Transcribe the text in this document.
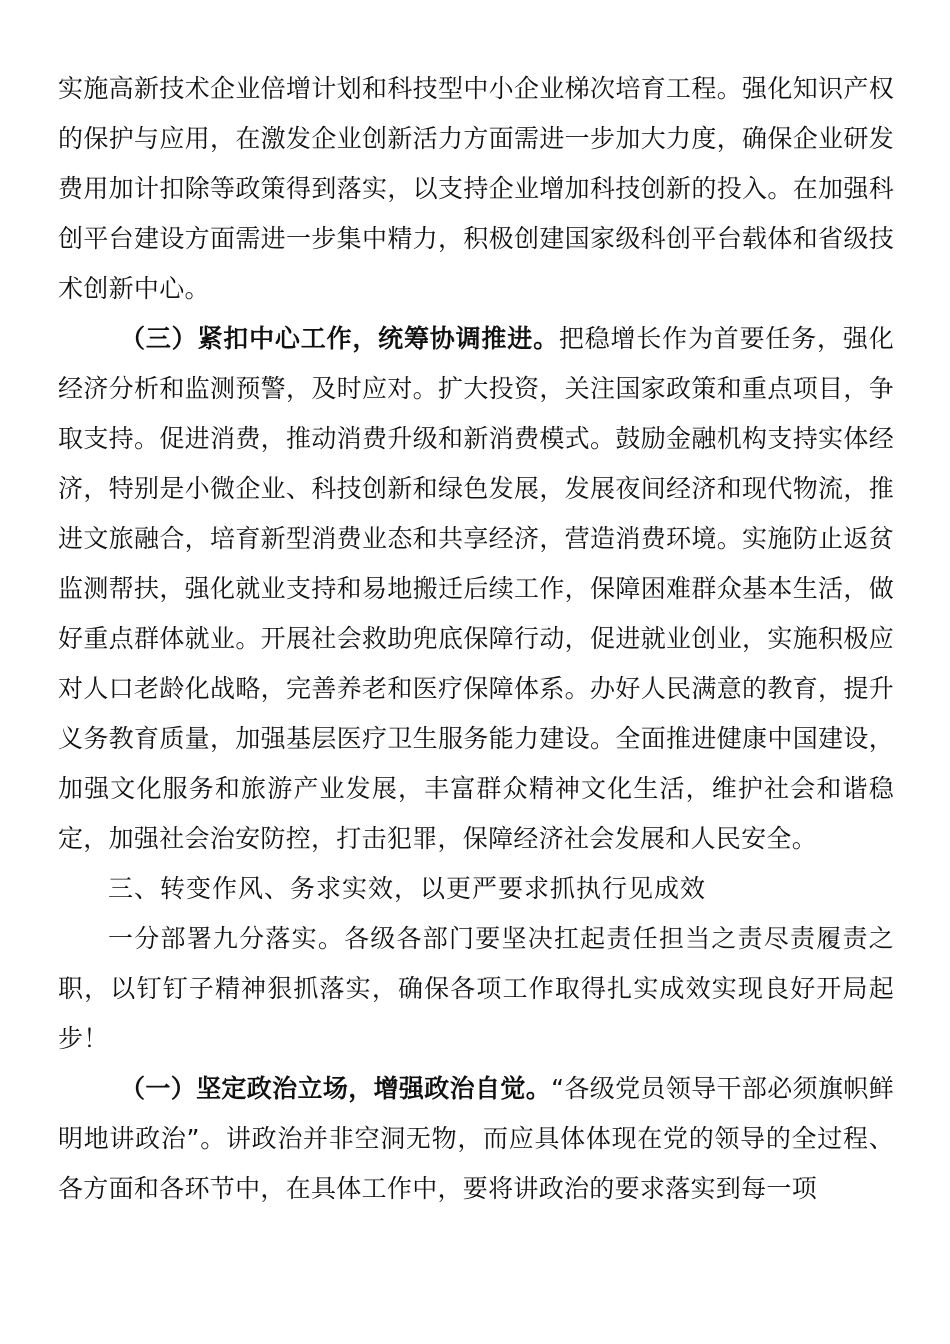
实施高新技术企业倍增计划和科技型中小企业梯次培育工程。强化知识产权的保护与应用，在激发企业创新活力方面需进一步加大力度，确保企业研发费用加计扣除等政策得到落实，以支持企业增加科技创新的投入。在加强科创平台建设方面需进一步集中精力，积极创建国家级科创平台载体和省级技术创新中心。

（三）紧扣中心工作，统筹协调推进。把稳增长作为首要任务，强化经济分析和监测预警，及时应对。扩大投资，关注国家政策和重点项目，争取支持。促进消费，推动消费升级和新消费模式。鼓励金融机构支持实体经济，特别是小微企业、科技创新和绿色发展，发展夜间经济和现代物流，推进文旅融合，培育新型消费业态和共享经济，营造消费环境。实施防止返贫监测帮扶，强化就业支持和易地搬迁后续工作，保障困难群众基本生活，做好重点群体就业。开展社会救助兜底保障行动，促进就业创业，实施积极应对人口老龄化战略，完善养老和医疗保障体系。办好人民满意的教育，提升义务教育质量，加强基层医疗卫生服务能力建设。全面推进健康中国建设，加强文化服务和旅游产业发展，丰富群众精神文化生活，维护社会和谐稳定，加强社会治安防控，打击犯罪，保障经济社会发展和人民安全。

三、转变作风、务求实效，以更严要求抓执行见成效

一分部署九分落实。各级各部门要坚决扛起责任担当之责尽责履责之职，以钉钉子精神狠抓落实，确保各项工作取得扎实成效实现良好开局起步！

（一）坚定政治立场，增强政治自觉。“各级党员领导干部必须旗帜鲜明地讲政治”。讲政治并非空洞无物，而应具体体现在党的领导的全过程、各方面和各环节中，在具体工作中，要将讲政治的要求落实到每一项
